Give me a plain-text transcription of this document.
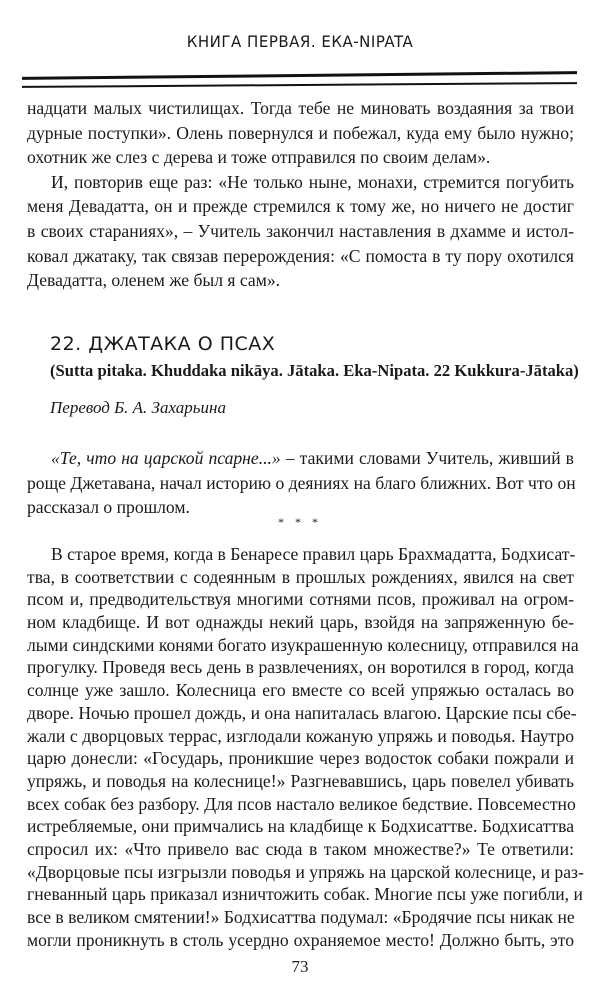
КНИГА ПЕРВАЯ. ЕКА-NIPATA
надцати малых чистилищах. Тогда тебе не миновать воздаяния за твои
дурные поступки». Олень повернулся и побежал, куда ему было нужно;
охотник же слез с дерева и тоже отправился по своим делам».
И, повторив еще раз: «Не только ныне, монахи, стремится погубить
меня Девадатта, он и прежде стремился к тому же, но ничего не достиг
в своих стараниях», – Учитель закончил наставления в дхамме и истол-
ковал джатаку, так связав перерождения: «С помоста в ту пору охотился
Девадатта, оленем же был я сам».
22. ДЖАТАКА О ПСАХ
(Sutta pitaka. Khuddaka nikāya. Jātaka. Eka-Nipata. 22 Kukkura-Jātaka)
Перевод Б. А. Захарьина
«Те, что на царской псарне...» – такими словами Учитель, живший в
роще Джетавана, начал историю о деяниях на благо ближних. Вот что он
рассказал о прошлом.
* * *
В старое время, когда в Бенаресе правил царь Брахмадатта, Бодхисат-
тва, в соответствии с содеянным в прошлых рождениях, явился на свет
псом и, предводительствуя многими сотнями псов, проживал на огром-
ном кладбище. И вот однажды некий царь, взойдя на запряженную бе-
лыми синдскими конями богато изукрашенную колесницу, отправился на
прогулку. Проведя весь день в развлечениях, он воротился в город, когда
солнце уже зашло. Колесница его вместе со всей упряжью осталась во
дворе. Ночью прошел дождь, и она напиталась влагою. Царские псы сбе-
жали с дворцовых террас, изглодали кожаную упряжь и поводья. Наутро
царю донесли: «Государь, проникшие через водосток собаки пожрали и
упряжь, и поводья на колеснице!» Разгневавшись, царь повелел убивать
всех собак без разбору. Для псов настало великое бедствие. Повсеместно
истребляемые, они примчались на кладбище к Бодхисаттве. Бодхисаттва
спросил их: «Что привело вас сюда в таком множестве?» Те ответили:
«Дворцовые псы изгрызли поводья и упряжь на царской колеснице, и раз-
гневанный царь приказал изничтожить собак. Многие псы уже погибли, и
все в великом смятении!» Бодхисаттва подумал: «Бродячие псы никак не
могли проникнуть в столь усердно охраняемое место! Должно быть, это
73
